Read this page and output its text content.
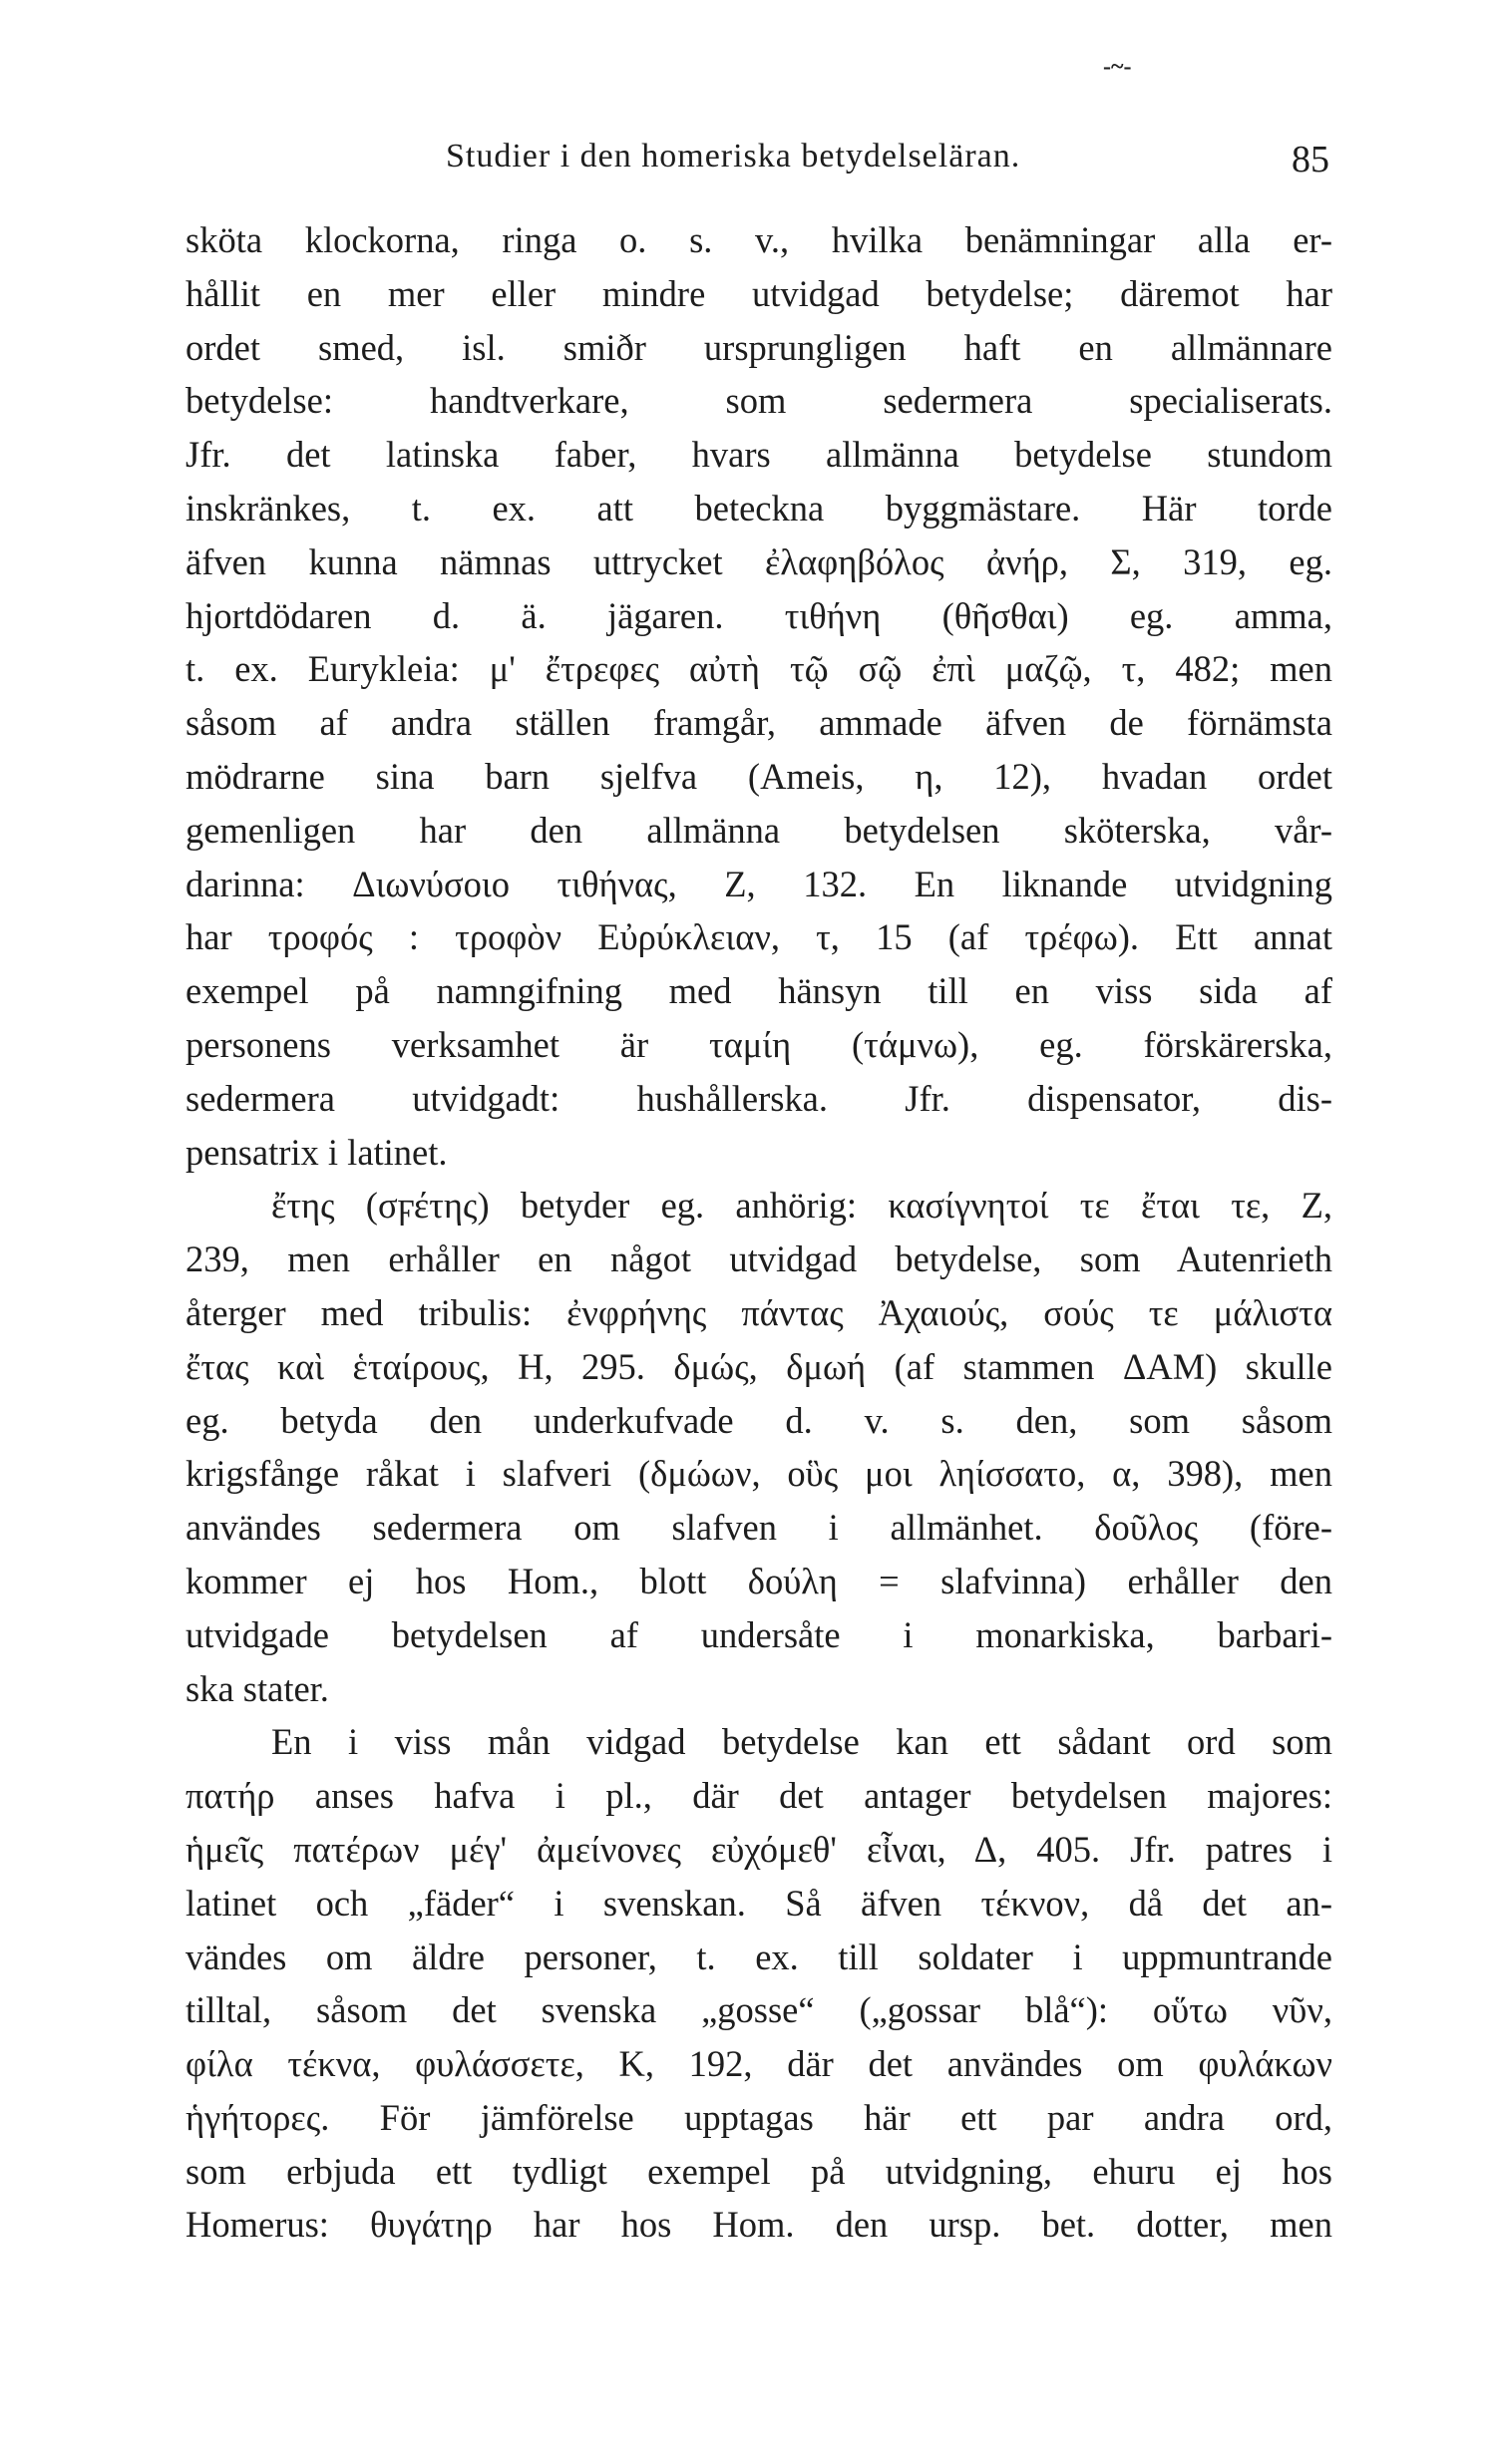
-~-
Studier i den homeriska betydelseläran.	85
sköta klockorna, ringa o. s. v., hvilka benämningar alla er-
hållit en mer eller mindre utvidgad betydelse; däremot har
ordet smed, isl. smiðr ursprungligen haft en allmännare
betydelse: handtverkare, som sedermera specialiserats.
Jfr. det latinska faber, hvars allmänna betydelse stundom
inskränkes, t. ex. att beteckna byggmästare. Här torde
äfven kunna nämnas uttrycket ἐλαφηβόλος ἀνήρ, Σ, 319, eg.
hjortdödaren d. ä. jägaren. τιθήνη (θῆσθαι) eg. amma,
t. ex. Eurykleia: μ' ἔτρεφες αὐτὴ τῷ σῷ ἐπὶ μαζῷ, τ, 482; men
såsom af andra ställen framgår, ammade äfven de förnämsta
mödrarne sina barn sjelfva (Ameis, η, 12), hvadan ordet
gemenligen har den allmänna betydelsen sköterska, vår-
darinna: Διωνύσοιο τιθήνας, Ζ, 132. En liknande utvidgning
har τροφός : τροφὸν Εὐρύκλειαν, τ, 15 (af τρέφω). Ett annat
exempel på namngifning med hänsyn till en viss sida af
personens verksamhet är ταμίη (τάμνω), eg. förskärerska,
sedermera utvidgadt: hushållerska. Jfr. dispensator, dis-
pensatrix i latinet.
ἔτης (σϝέτης) betyder eg. anhörig: κασίγνητοί τε ἔται τε, Ζ,
239, men erhåller en något utvidgad betydelse, som Autenrieth
återger med tribulis: ἐνφρήνης πάντας Ἀχαιούς, σούς τε μάλιστα
ἔτας καὶ ἑταίρους, Η, 295. δμώς, δμωή (af stammen ΔΑΜ) skulle
eg. betyda den underkufvade d. v. s. den, som såsom
krigsfånge råkat i slafveri (δμώων, οὓς μοι ληίσσατο, α, 398), men
användes sedermera om slafven i allmänhet. δοῦλος (före-
kommer ej hos Hom., blott δούλη = slafvinna) erhåller den
utvidgade betydelsen af undersåte i monarkiska, barbari-
ska stater.
En i viss mån vidgad betydelse kan ett sådant ord som
πατήρ anses hafva i pl., där det antager betydelsen majores:
ἡμεῖς πατέρων μέγ' ἀμείνονες εὐχόμεθ' εἶναι, Δ, 405. Jfr. patres i
latinet och „fäder“ i svenskan. Så äfven τέκνον, då det an-
vändes om äldre personer, t. ex. till soldater i uppmuntrande
tilltal, såsom det svenska „gosse“ („gossar blå“): οὕτω νῦν,
φίλα τέκνα, φυλάσσετε, Κ, 192, där det användes om φυλάκων
ἡγήτορες. För jämförelse upptagas här ett par andra ord,
som erbjuda ett tydligt exempel på utvidgning, ehuru ej hos
Homerus: θυγάτηρ har hos Hom. den ursp. bet. dotter, men
